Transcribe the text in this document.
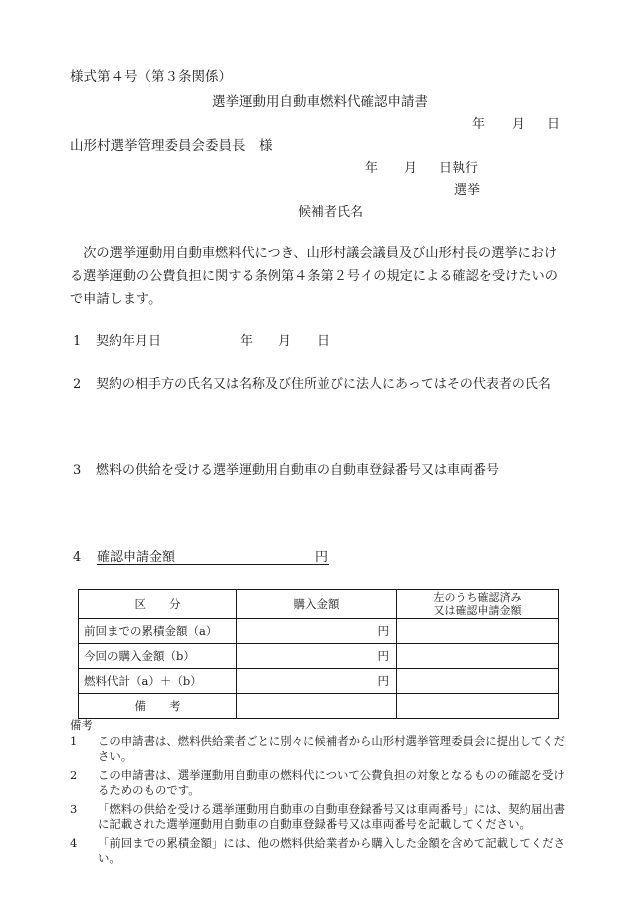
様式第４号（第３条関係）
選挙運動用自動車燃料代確認申請書
年 月 日
山形村選挙管理委員会委員長　様
年 月 日執行
選挙
候補者氏名

次の選挙運動用自動車燃料代につき、山形村議会議員及び山形村長の選挙における選挙運動の公費負担に関する条例第４条第２号イの規定による確認を受けたいので申請します。

1 契約年月日	年 月 日
2 契約の相手方の氏名又は名称及び住所並びに法人にあってはその代表者の氏名
3 燃料の供給を受ける選挙運動用自動車の自動車登録番号又は車両番号
4 確認申請金額	円
区　　分	購入金額	左のうち確認済み
又は確認申請金額

前回までの累積金額（a）	円	
今回の購入金額（b）	円	
燃料代計（a）＋（b）	円	
備　　考		
備考
1 この申請書は、燃料供給業者ごとに別々に候補者から山形村選挙管理委員会に提出してください。
2 この申請書は、選挙運動用自動車の燃料代について公費負担の対象となるものの確認を受けるためのものです。
3 「燃料の供給を受ける選挙運動用自動車の自動車登録番号又は車両番号」には、契約届出書に記載された選挙運動用自動車の自動車登録番号又は車両番号を記載してください。
4 「前回までの累積金額」には、他の燃料供給業者から購入した金額を含めて記載してください。
